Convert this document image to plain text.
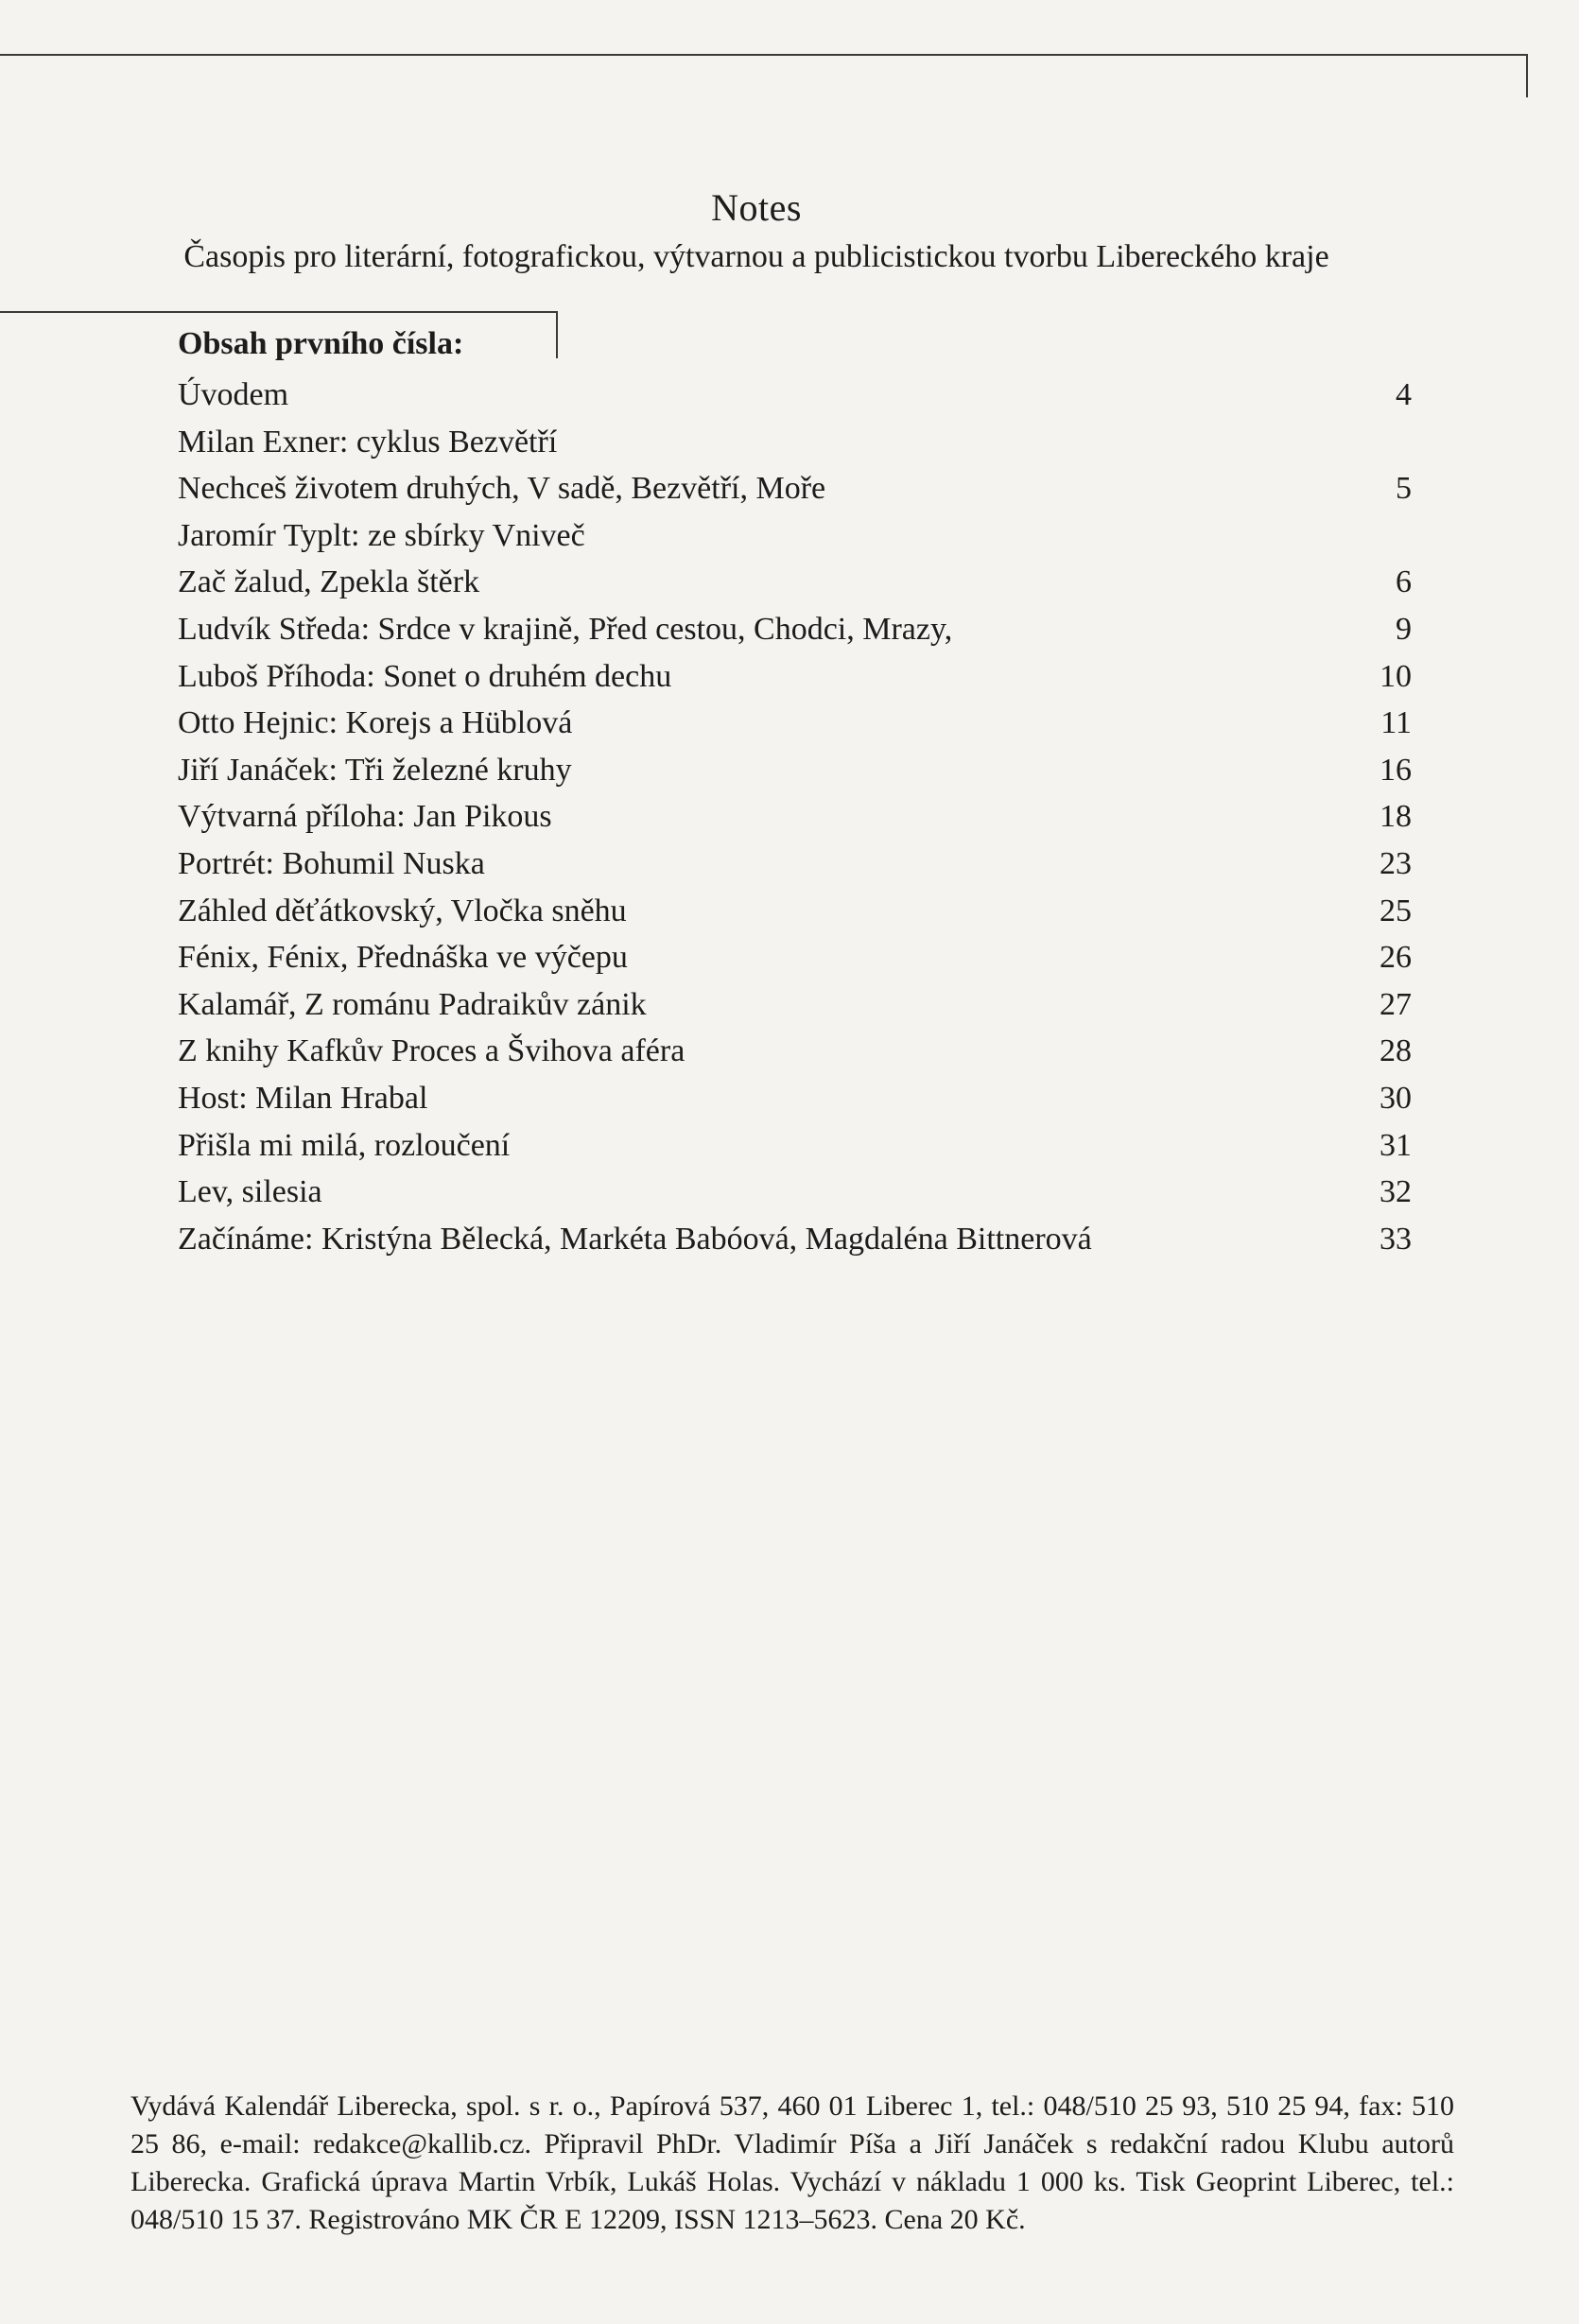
Notes
Časopis pro literární, fotografickou, výtvarnou a publicistickou tvorbu Libereckého kraje
Obsah prvního čísla:
Úvodem	4
Milan Exner: cyklus Bezvětří
Nechceš životem druhých, V sadě, Bezvětří, Moře	5
Jaromír Typlt: ze sbírky Vniveč
Zač žalud, Zpekla štěrk	6
Ludvík Středa: Srdce v krajině, Před cestou, Chodci, Mrazy,	9
Luboš Příhoda: Sonet o druhém dechu	10
Otto Hejnic: Korejs a Hüblová	11
Jiří Janáček: Tři železné kruhy	16
Výtvarná příloha: Jan Pikous	18
Portrét: Bohumil Nuska	23
Záhled děťátkovský, Vločka sněhu	25
Fénix, Fénix, Přednáška ve výčepu	26
Kalamář, Z románu Padraikův zánik	27
Z knihy Kafkův Proces a Švihova aféra	28
Host: Milan Hrabal	30
Přišla mi milá, rozloučení	31
Lev, silesia	32
Začínáme: Kristýna Bělecká, Markéta Babóová, Magdaléna Bittnerová	33
Vydává Kalendář Liberecka, spol. s r. o., Papírová 537, 460 01 Liberec 1, tel.: 048/510 25 93, 510 25 94, fax: 510 25 86, e-mail: redakce@kallib.cz. Připravil PhDr. Vladimír Píša a Jiří Janáček s redakční radou Klubu autorů Liberecka. Grafická úprava Martin Vrbík, Lukáš Holas. Vychází v nákladu 1 000 ks. Tisk Geoprint Liberec, tel.: 048/510 15 37. Registrováno MK ČR E 12209, ISSN 1213–5623. Cena 20 Kč.
